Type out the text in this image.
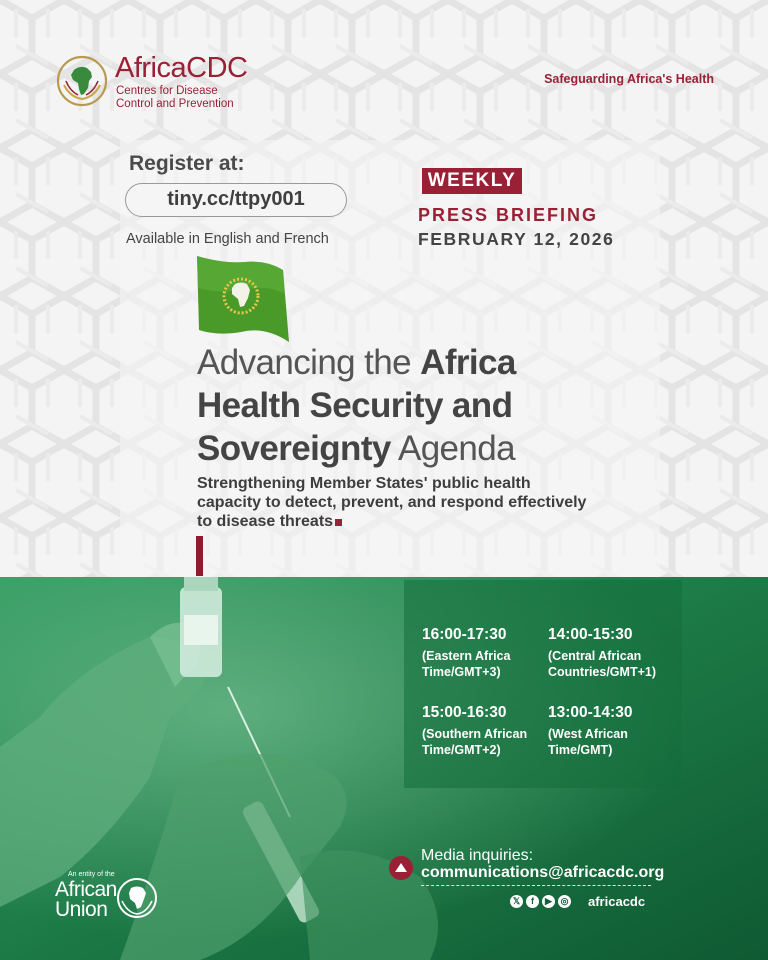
AfricaCDC
Centres for Disease Control and Prevention
Safeguarding Africa's Health
Register at:
tiny.cc/ttpy001
Available in English and French
WEEKLY
PRESS BRIEFING
FEBRUARY 12, 2026
Advancing the Africa Health Security and Sovereignty Agenda

Strengthening Member States' public health capacity to detect, prevent, and respond effectively to disease threats

16:00-17:30
(Eastern Africa Time/GMT+3)
14:00-15:30
(Central African Countries/GMT+1)
15:00-16:30
(Southern African Time/GMT+2)
13:00-14:30
(West African Time/GMT)
Media inquiries:
communications@africacdc.org
𝕏	f	▶ ◎ africacdc
An entity of the
African
Union
